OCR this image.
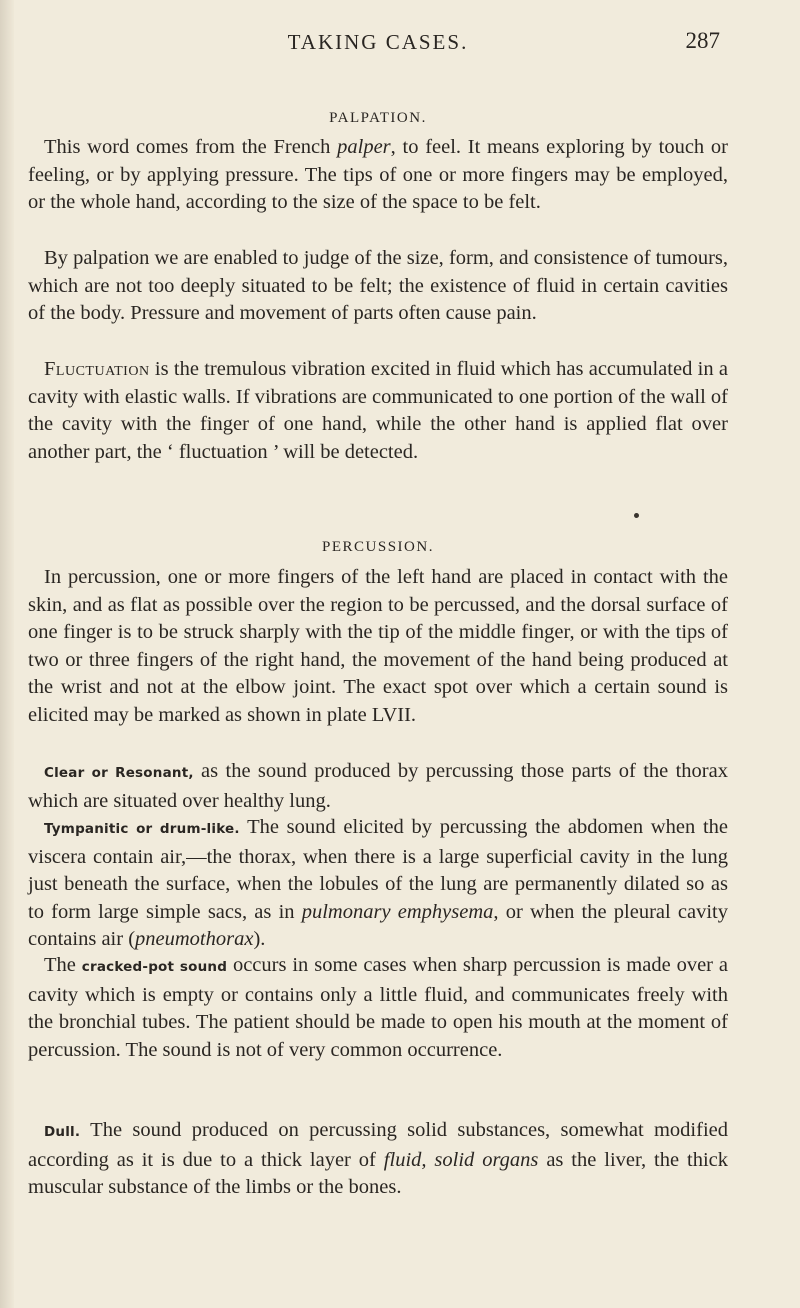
TAKING CASES.	287
PALPATION.

This word comes from the French palper, to feel. It means exploring by touch or feeling, or by applying pressure. The tips of one or more fingers may be employed, or the whole hand, according to the size of the space to be felt.

By palpation we are enabled to judge of the size, form, and consistence of tumours, which are not too deeply situated to be felt; the existence of fluid in certain cavities of the body. Pressure and movement of parts often cause pain.

Fluctuation is the tremulous vibration excited in fluid which has accumulated in a cavity with elastic walls. If vibrations are communicated to one portion of the wall of the cavity with the finger of one hand, while the other hand is applied flat over another part, the ‘ fluctuation ’ will be detected.

PERCUSSION.

In percussion, one or more fingers of the left hand are placed in contact with the skin, and as flat as possible over the region to be percussed, and the dorsal surface of one finger is to be struck sharply with the tip of the middle finger, or with the tips of two or three fingers of the right hand, the movement of the hand being produced at the wrist and not at the elbow joint. The exact spot over which a certain sound is elicited may be marked as shown in plate LVII.

Clear or Resonant, as the sound produced by percussing those parts of the thorax which are situated over healthy lung.

Tympanitic or drum-like. The sound elicited by percussing the abdomen when the viscera contain air,—the thorax, when there is a large superficial cavity in the lung just beneath the surface, when the lobules of the lung are permanently dilated so as to form large simple sacs, as in pulmonary emphysema, or when the pleural cavity contains air (pneumothorax).

The cracked-pot sound occurs in some cases when sharp percussion is made over a cavity which is empty or contains only a little fluid, and communicates freely with the bronchial tubes. The patient should be made to open his mouth at the moment of percussion. The sound is not of very common occurrence.

Dull. The sound produced on percussing solid substances, somewhat modified according as it is due to a thick layer of fluid, solid organs as the liver, the thick muscular substance of the limbs or the bones.
